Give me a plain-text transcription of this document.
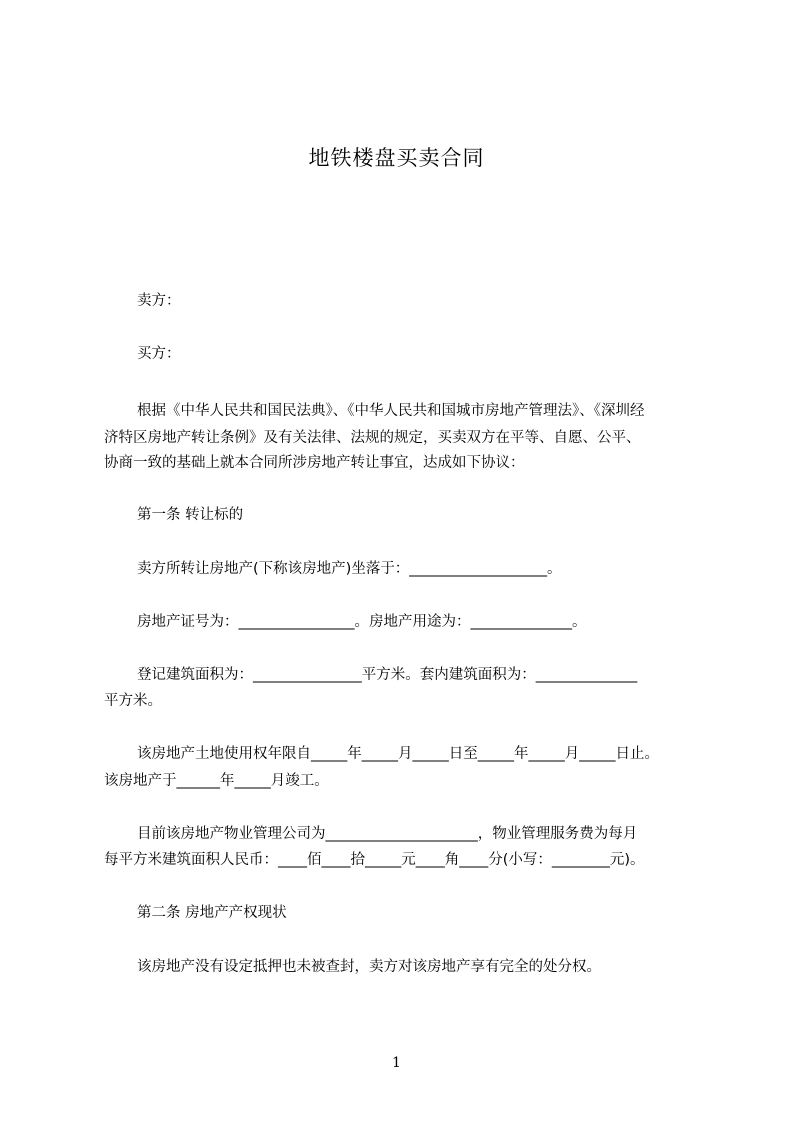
地铁楼盘买卖合同
卖方：
买方：
根据《中华人民共和国民法典》、《中华人民共和国城市房地产管理法》、《深圳经
济特区房地产转让条例》及有关法律、法规的规定，买卖双方在平等、自愿、公平、
协商一致的基础上就本合同所涉房地产转让事宜，达成如下协议：
第一条 转让标的
卖方所转让房地产(下称该房地产)坐落于：___________________。
房地产证号为：________________。房地产用途为：______________。
登记建筑面积为：_______________平方米。套内建筑面积为：______________
平方米。
该房地产土地使用权年限自_____年_____月_____日至_____年_____月_____日止。
该房地产于______年_____月竣工。
目前该房地产物业管理公司为_____________________，物业管理服务费为每月
每平方米建筑面积人民币：____佰____拾_____元____角____分(小写：________元)。
第二条 房地产产权现状
该房地产没有设定抵押也未被查封，卖方对该房地产享有完全的处分权。
1
